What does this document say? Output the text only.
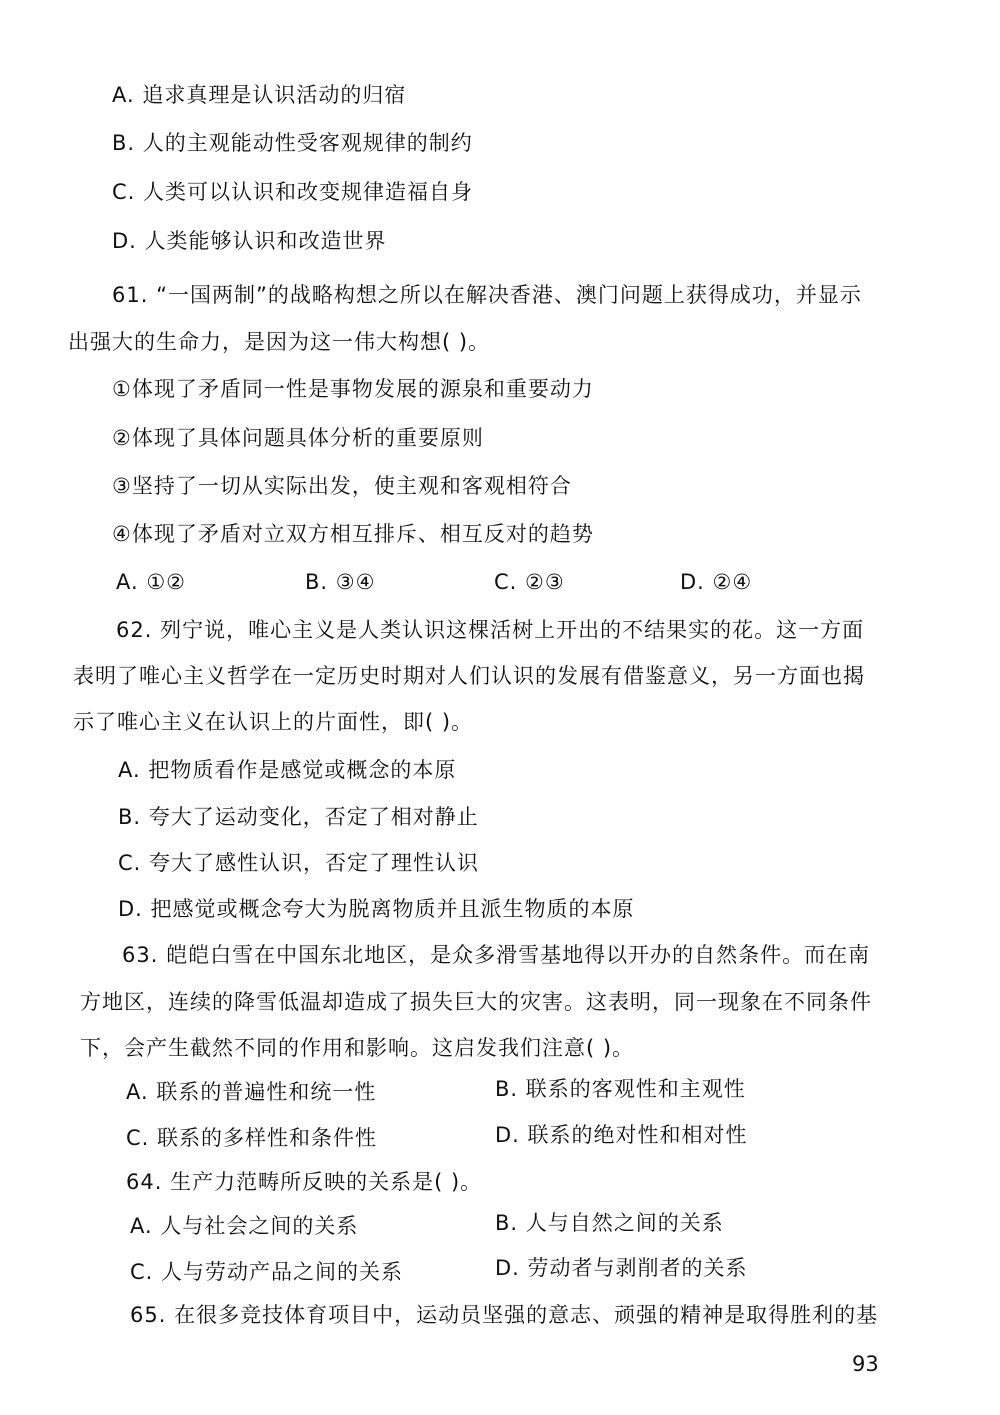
A. 追求真理是认识活动的归宿
B. 人的主观能动性受客观规律的制约
C. 人类可以认识和改变规律造福自身
D. 人类能够认识和改造世界
61. “一国两制”的战略构想之所以在解决香港、澳门问题上获得成功，并显示
出强大的生命力，是因为这一伟大构想( )。
①体现了矛盾同一性是事物发展的源泉和重要动力
②体现了具体问题具体分析的重要原则
③坚持了一切从实际出发，使主观和客观相符合
④体现了矛盾对立双方相互排斥、相互反对的趋势
A. ①②	B. ③④	C. ②③	D. ②④
62. 列宁说，唯心主义是人类认识这棵活树上开出的不结果实的花。这一方面
表明了唯心主义哲学在一定历史时期对人们认识的发展有借鉴意义，另一方面也揭
示了唯心主义在认识上的片面性，即( )。
A. 把物质看作是感觉或概念的本原
B. 夸大了运动变化，否定了相对静止
C. 夸大了感性认识，否定了理性认识
D. 把感觉或概念夸大为脱离物质并且派生物质的本原
63. 皑皑白雪在中国东北地区，是众多滑雪基地得以开办的自然条件。而在南
方地区，连续的降雪低温却造成了损失巨大的灾害。这表明，同一现象在不同条件
下，会产生截然不同的作用和影响。这启发我们注意( )。
A. 联系的普遍性和统一性	B. 联系的客观性和主观性
C. 联系的多样性和条件性	D. 联系的绝对性和相对性
64. 生产力范畴所反映的关系是( )。
A. 人与社会之间的关系	B. 人与自然之间的关系
C. 人与劳动产品之间的关系	D. 劳动者与剥削者的关系
65. 在很多竞技体育项目中，运动员坚强的意志、顽强的精神是取得胜利的基
93
